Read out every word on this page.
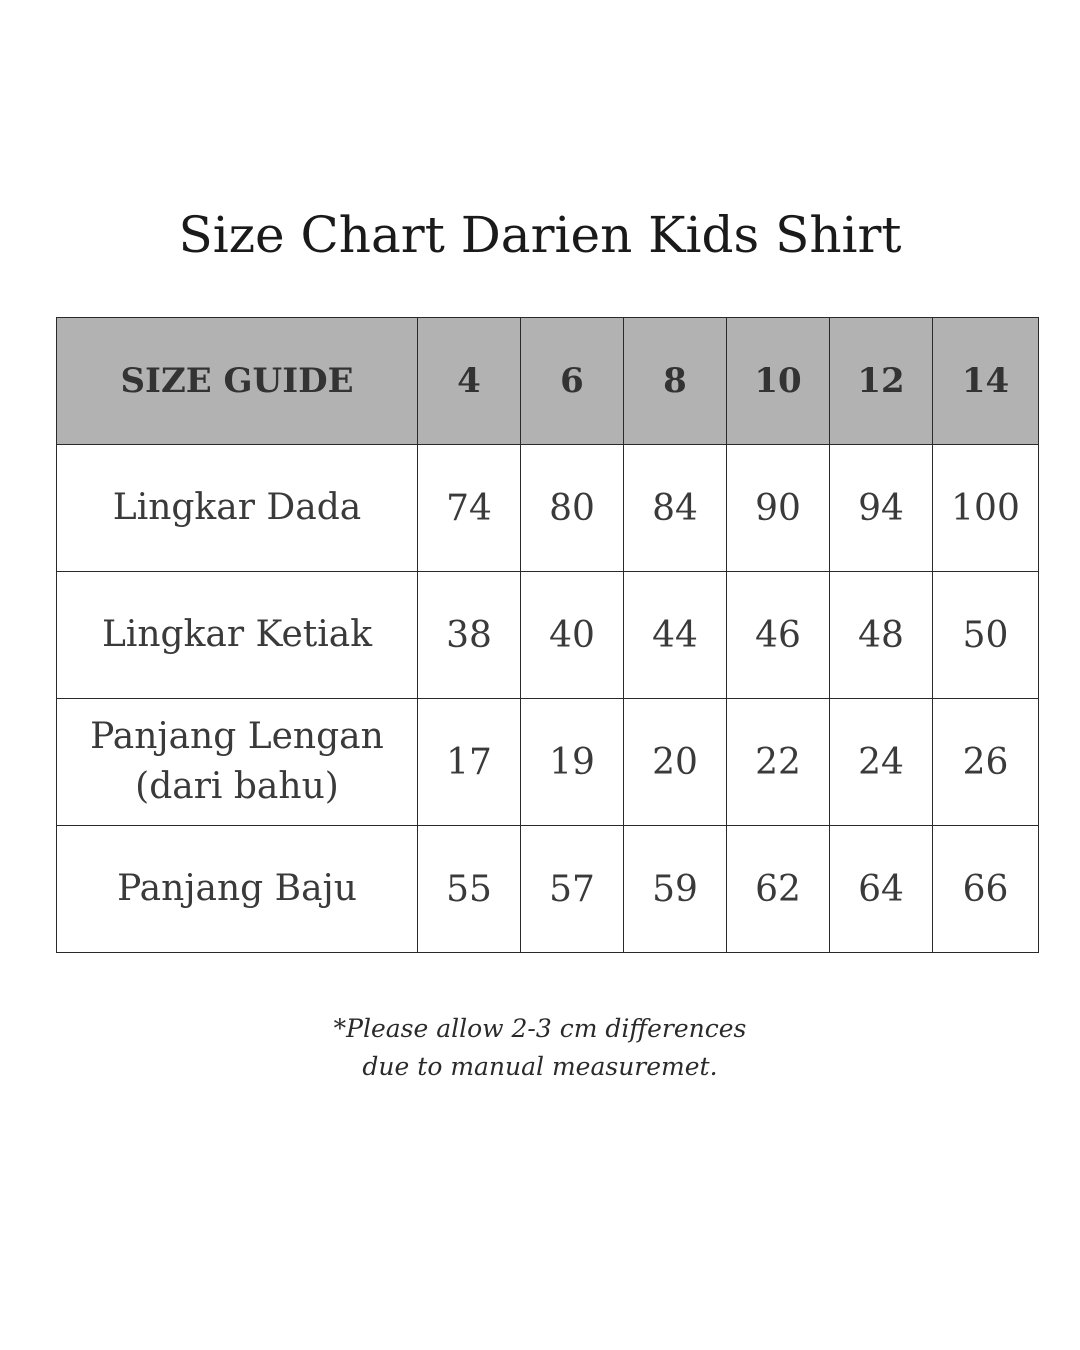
Size Chart Darien Kids Shirt
SIZE GUIDE	4	6	8	10	12	14
Lingkar Dada	74	80	84	90	94	100
Lingkar Ketiak	38	40	44	46	48	50
Panjang Lengan
(dari bahu)	17	19	20	22	24	26
Panjang Baju	55	57	59	62	64	66
*Please allow 2-3 cm differences
due to manual measuremet.
